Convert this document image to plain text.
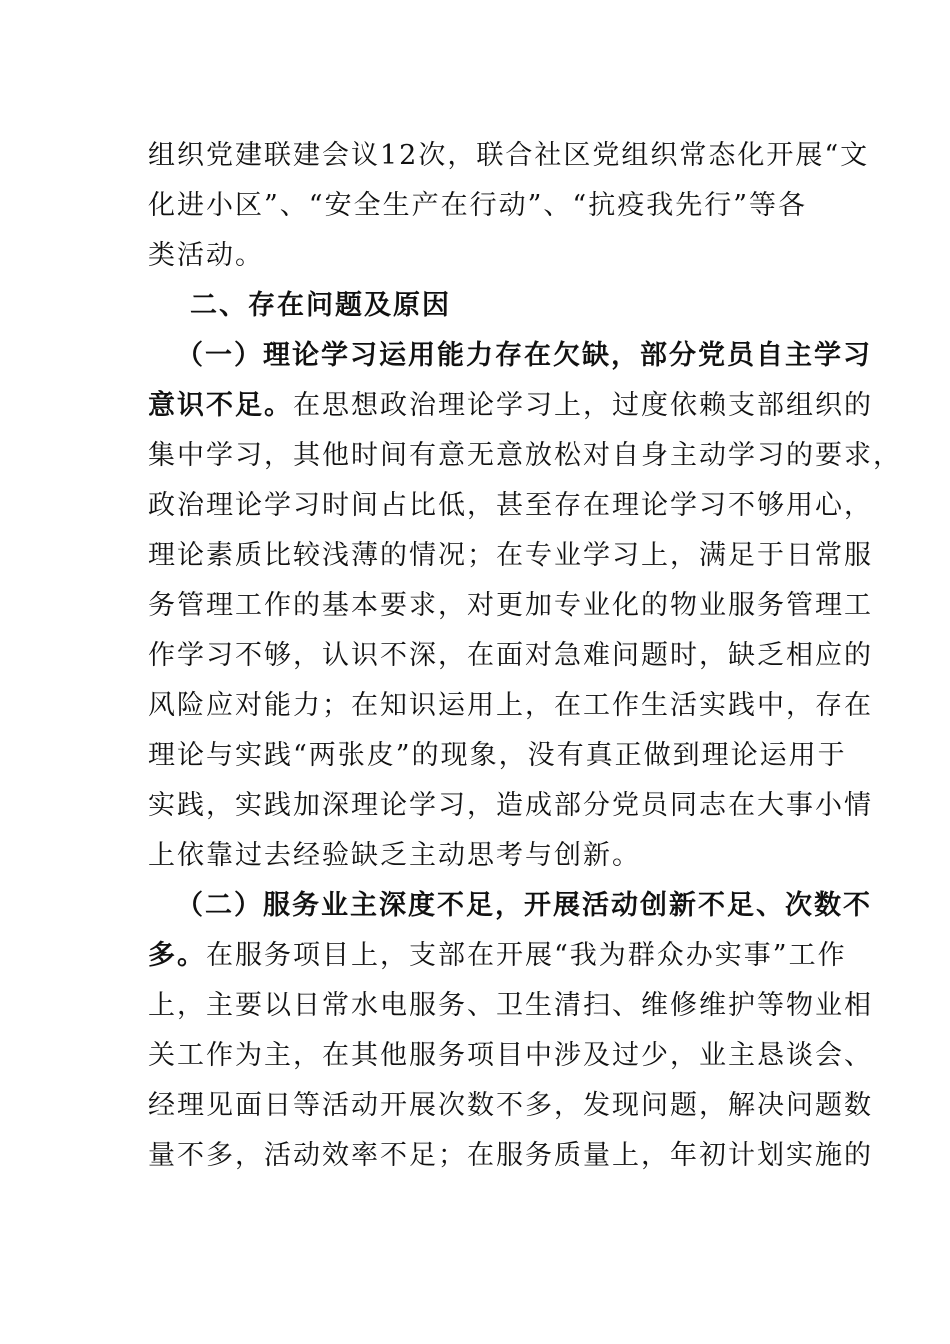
组织党建联建会议12次，联合社区党组织常态化开展“文
化进小区”、“安全生产在行动”、“抗疫我先行”等各
类活动。
二、存在问题及原因
（一）理论学习运用能力存在欠缺，部分党员自主学习
意识不足。在思想政治理论学习上，过度依赖支部组织的
集中学习，其他时间有意无意放松对自身主动学习的要求，
政治理论学习时间占比低，甚至存在理论学习不够用心，
理论素质比较浅薄的情况；在专业学习上，满足于日常服
务管理工作的基本要求，对更加专业化的物业服务管理工
作学习不够，认识不深，在面对急难问题时，缺乏相应的
风险应对能力；在知识运用上，在工作生活实践中，存在
理论与实践“两张皮”的现象，没有真正做到理论运用于
实践，实践加深理论学习，造成部分党员同志在大事小情
上依靠过去经验缺乏主动思考与创新。
（二）服务业主深度不足，开展活动创新不足、次数不
多。在服务项目上，支部在开展“我为群众办实事”工作
上，主要以日常水电服务、卫生清扫、维修维护等物业相
关工作为主，在其他服务项目中涉及过少，业主恳谈会、
经理见面日等活动开展次数不多，发现问题，解决问题数
量不多，活动效率不足；在服务质量上，年初计划实施的
